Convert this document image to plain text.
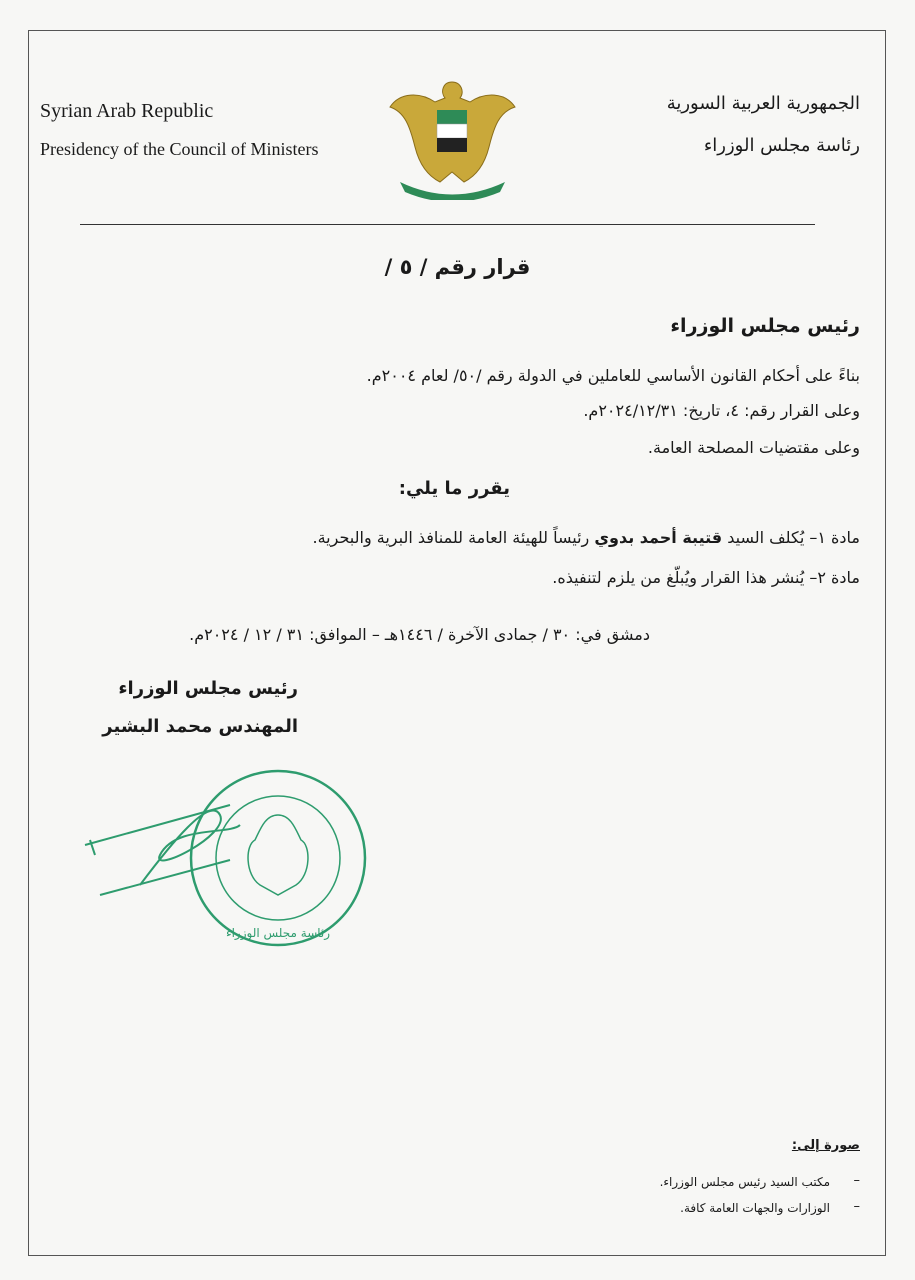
Syrian Arab Republic
Presidency of the Council of Ministers
الجمهورية العربية السورية
رئاسة مجلس الوزراء
قرار رقم / ٥ /
رئيس مجلس الوزراء
بناءً على أحكام القانون الأساسي للعاملين في الدولة رقم /٥٠/ لعام ٢٠٠٤م.
وعلى القرار رقم: ٤، تاريخ: ٢٠٢٤/١٢/٣١م.
وعلى مقتضيات المصلحة العامة.
يقرر ما يلي:
مادة ١– يُكلف السيد قتيبة أحمد بدوي رئيساً للهيئة العامة للمنافذ البرية والبحرية.
مادة ٢– يُنشر هذا القرار ويُبلّغ من يلزم لتنفيذه.
دمشق في: ٣٠ / جمادى الآخرة / ١٤٤٦هـ – الموافق: ٣١ / ١٢ / ٢٠٢٤م.
رئيس مجلس الوزراء
المهندس محمد البشير
رئاسة مجلس الوزراء
صورة إلى:
مكتب السيد رئيس مجلس الوزراء. –
الوزارات والجهات العامة كافة. –
